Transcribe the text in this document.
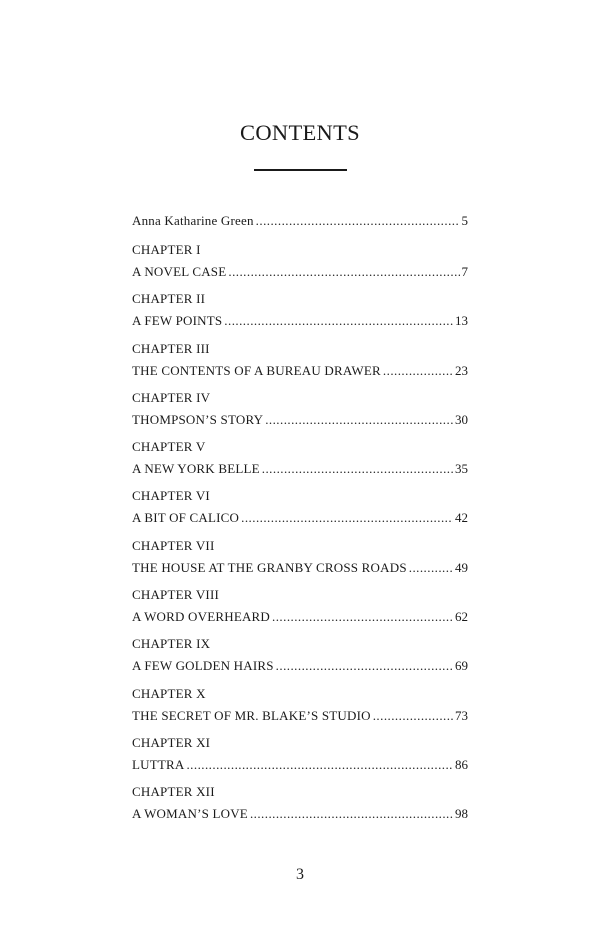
CONTENTS
Anna Katharine Green . . .	5
CHAPTER I
A NOVEL CASE . . .	7
CHAPTER II
A FEW POINTS . . .	13
CHAPTER III
THE CONTENTS OF A BUREAU DRAWER . . .	23
CHAPTER IV
THOMPSON’S STORY . . .	30
CHAPTER V
A NEW YORK BELLE . . .	35
CHAPTER VI
A BIT OF CALICO . . .	42
CHAPTER VII
THE HOUSE AT THE GRANBY CROSS ROADS . . .	49
CHAPTER VIII
A WORD OVERHEARD . . .	62
CHAPTER IX
A FEW GOLDEN HAIRS . . .	69
CHAPTER X
THE SECRET OF MR. BLAKE’S STUDIO . . .	73
CHAPTER XI
LUTTRA . . .	86
CHAPTER XII
A WOMAN’S LOVE . . .	98
3
